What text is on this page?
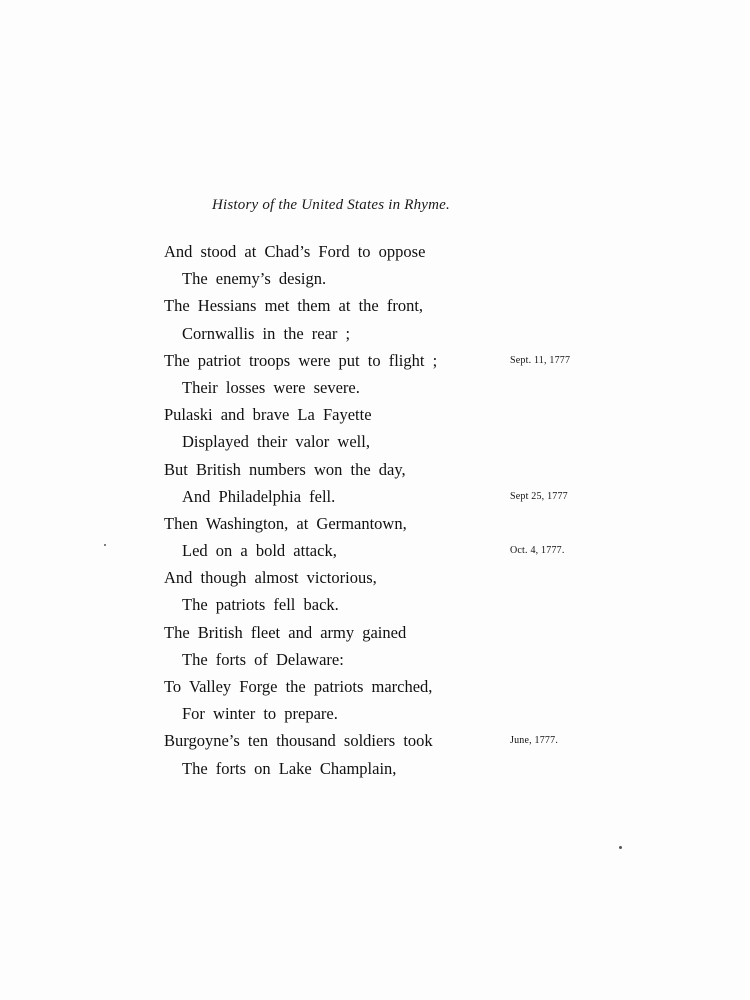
History of the United States in Rhyme.
And stood at Chad’s Ford to oppose
The enemy’s design.
The Hessians met them at the front,
Cornwallis in the rear ;
The patriot troops were put to flight ;
Their losses were severe.
Pulaski and brave La Fayette
Displayed their valor well,
But British numbers won the day,
And Philadelphia fell.
Then Washington, at Germantown,
Led on a bold attack,
And though almost victorious,
The patriots fell back.
The British fleet and army gained
The forts of Delaware:
To Valley Forge the patriots marched,
For winter to prepare.
Burgoyne’s ten thousand soldiers took
The forts on Lake Champlain,
Sept. 11, 1777
Sept 25, 1777
Oct. 4, 1777.
June, 1777.
